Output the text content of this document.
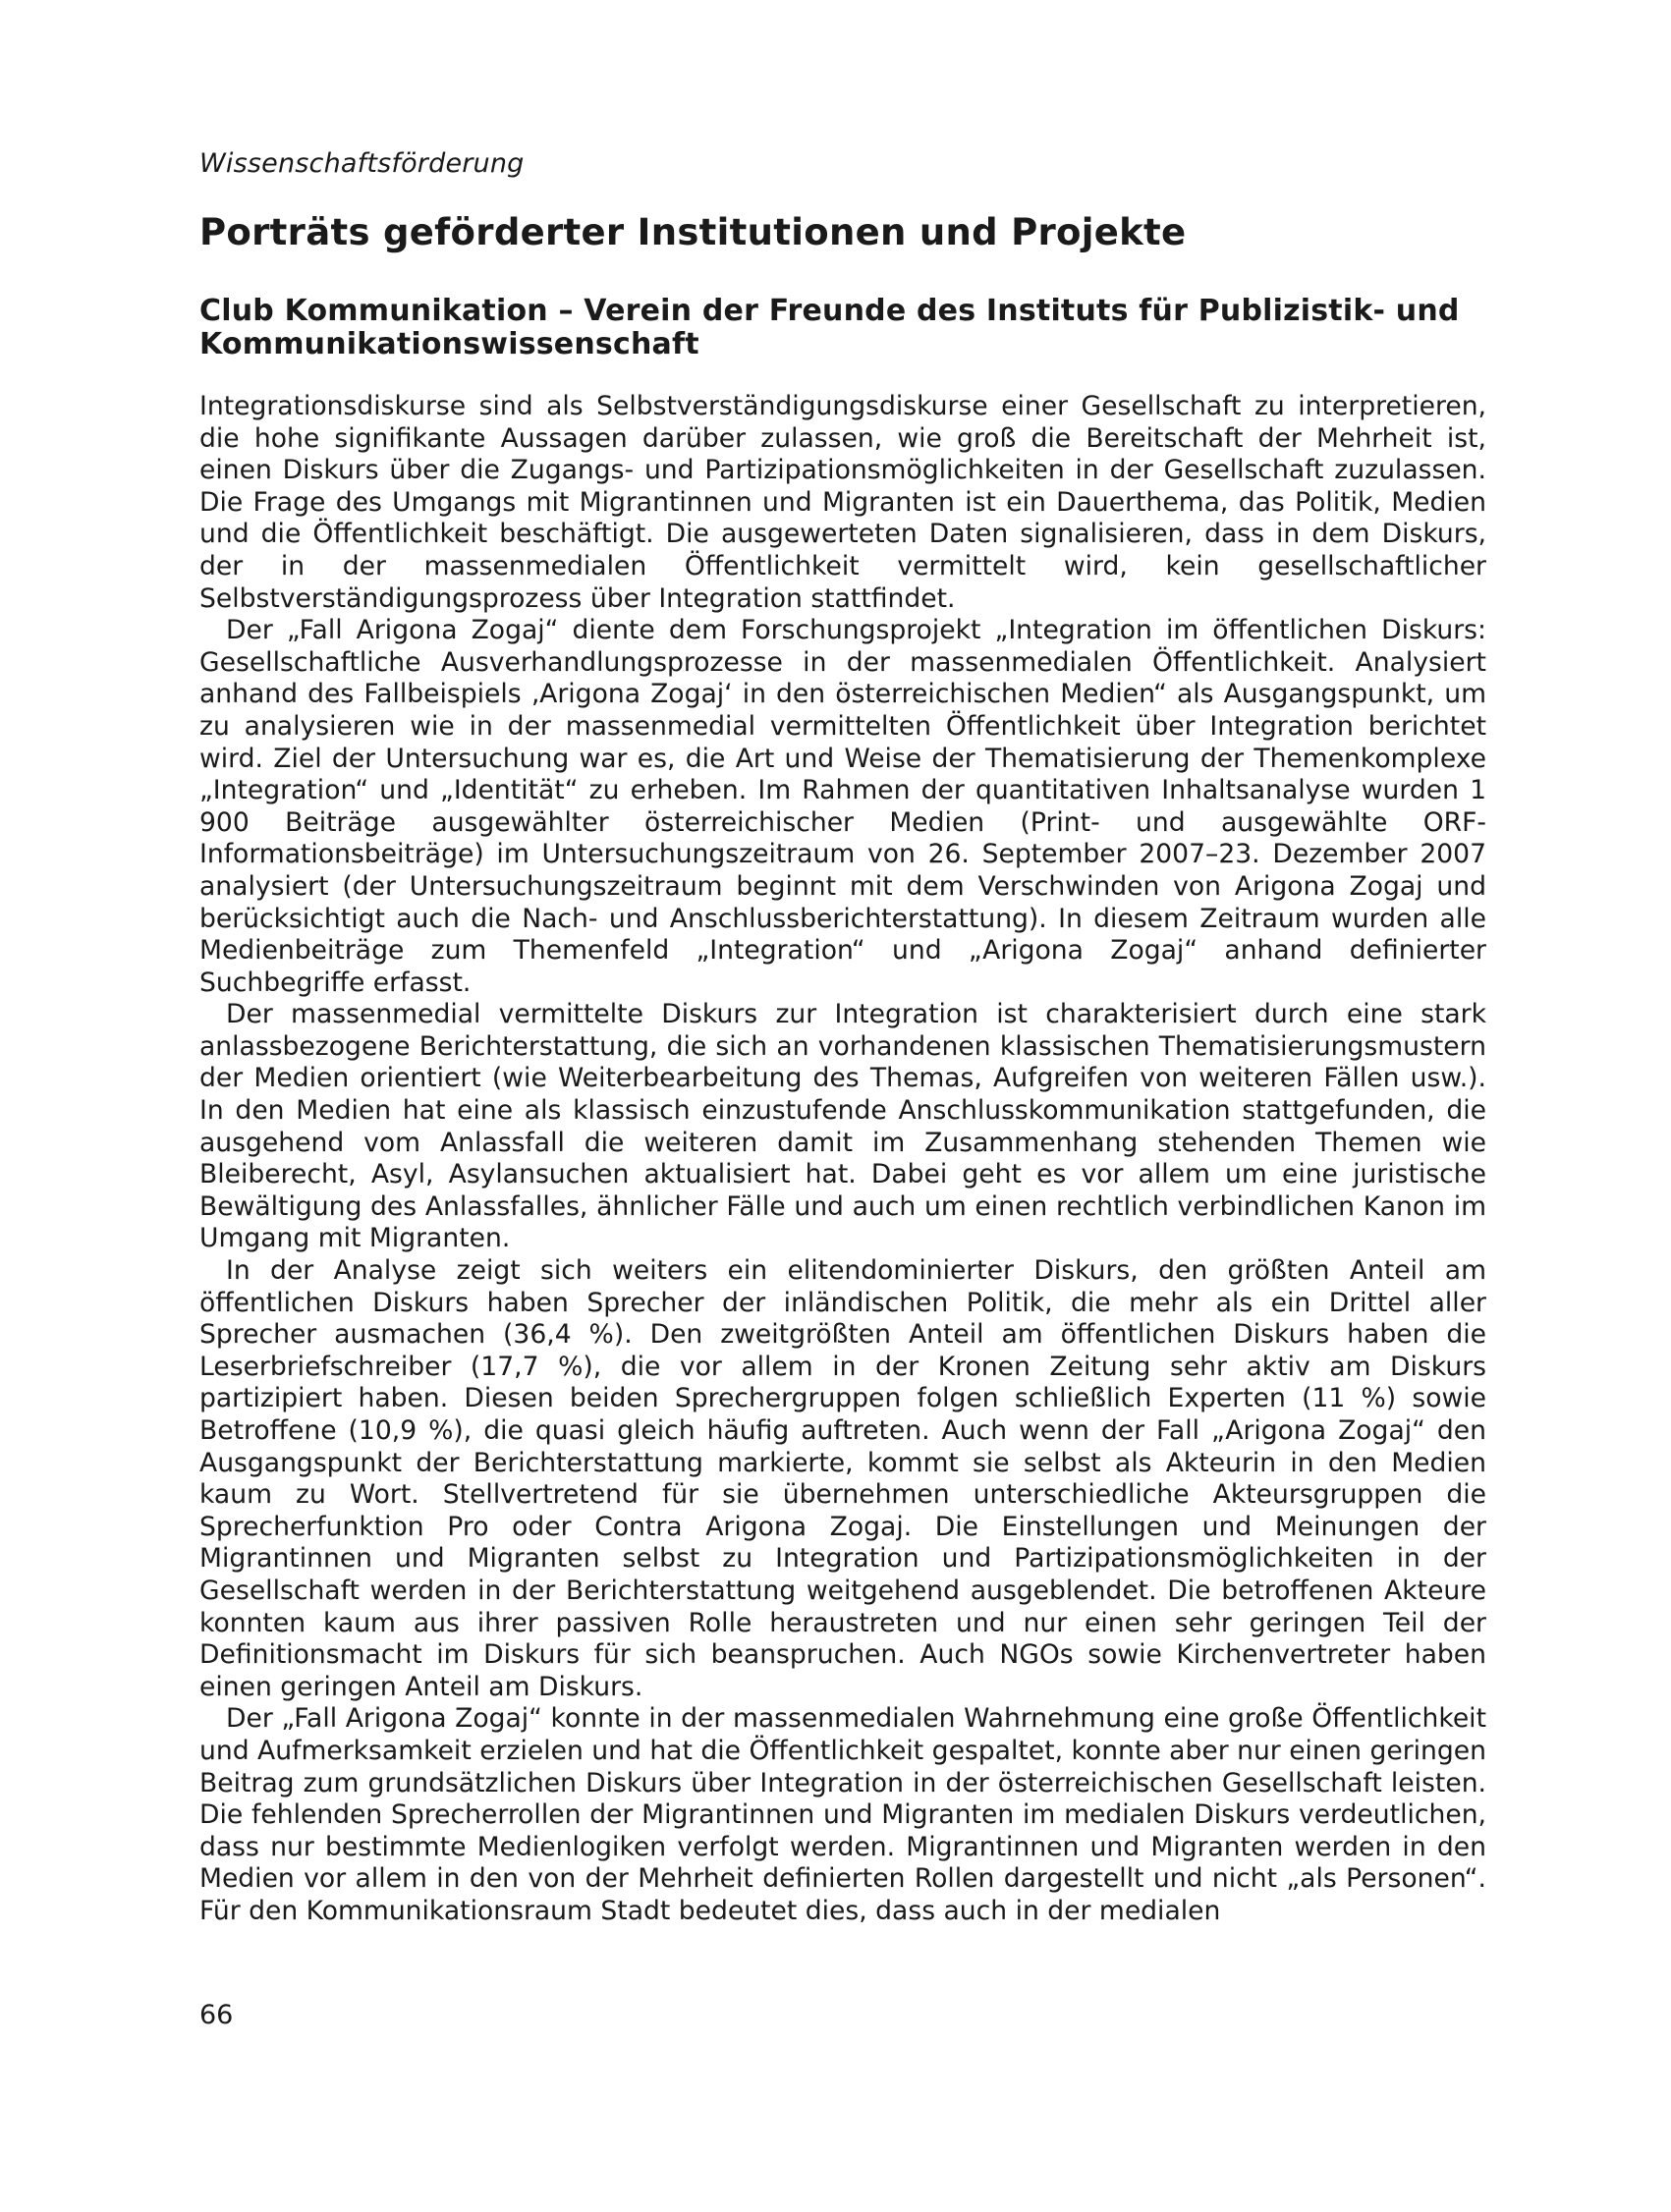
Wissenschaftsförderung
Porträts geförderter Institutionen und Projekte
Club Kommunikation – Verein der Freunde des Instituts für Publizistik- und Kommunikationswissenschaft

Integrationsdiskurse sind als Selbstverständigungsdiskurse einer Gesellschaft zu interpretieren, die hohe signifikante Aussagen darüber zulassen, wie groß die Bereitschaft der Mehrheit ist, einen Diskurs über die Zugangs- und Partizipationsmöglichkeiten in der Gesellschaft zuzulassen. Die Frage des Umgangs mit Migrantinnen und Migranten ist ein Dauerthema, das Politik, Medien und die Öffentlichkeit beschäftigt. Die ausgewerteten Daten signalisieren, dass in dem Diskurs, der in der massenmedialen Öffentlichkeit vermittelt wird, kein gesellschaftlicher Selbstverständigungsprozess über Integration stattfindet.

Der „Fall Arigona Zogaj“ diente dem Forschungsprojekt „Integration im öffentlichen Diskurs: Gesellschaftliche Ausverhandlungsprozesse in der massenmedialen Öffentlichkeit. Analysiert anhand des Fallbeispiels ‚Arigona Zogaj‘ in den österreichischen Medien“ als Ausgangspunkt, um zu analysieren wie in der massenmedial vermittelten Öffentlichkeit über Integration berichtet wird. Ziel der Untersuchung war es, die Art und Weise der Thematisierung der Themenkomplexe „Integration“ und „Identität“ zu erheben. Im Rahmen der quantitativen Inhaltsanalyse wurden 1 900 Beiträge ausgewählter österreichischer Medien (Print- und ausgewählte ORF-Informationsbeiträge) im Untersuchungszeitraum von 26. September 2007–23. Dezember 2007 analysiert (der Untersuchungszeitraum beginnt mit dem Verschwinden von Arigona Zogaj und berücksichtigt auch die Nach- und Anschlussberichterstattung). In diesem Zeitraum wurden alle Medienbeiträge zum Themenfeld „Integration“ und „Arigona Zogaj“ anhand definierter Suchbegriffe erfasst.

Der massenmedial vermittelte Diskurs zur Integration ist charakterisiert durch eine stark anlassbezogene Berichterstattung, die sich an vorhandenen klassischen Thematisierungsmustern der Medien orientiert (wie Weiterbearbeitung des Themas, Aufgreifen von weiteren Fällen usw.). In den Medien hat eine als klassisch einzustufende Anschlusskommunikation stattgefunden, die ausgehend vom Anlassfall die weiteren damit im Zusammenhang stehenden Themen wie Bleiberecht, Asyl, Asylansuchen aktualisiert hat. Dabei geht es vor allem um eine juristische Bewältigung des Anlassfalles, ähnlicher Fälle und auch um einen rechtlich verbindlichen Kanon im Umgang mit Migranten.

In der Analyse zeigt sich weiters ein elitendominierter Diskurs, den größten Anteil am öffentlichen Diskurs haben Sprecher der inländischen Politik, die mehr als ein Drittel aller Sprecher ausmachen (36,4 %). Den zweitgrößten Anteil am öffentlichen Diskurs haben die Leserbriefschreiber (17,7 %), die vor allem in der Kronen Zeitung sehr aktiv am Diskurs partizipiert haben. Diesen beiden Sprechergruppen folgen schließlich Experten (11 %) sowie Betroffene (10,9 %), die quasi gleich häufig auftreten. Auch wenn der Fall „Arigona Zogaj“ den Ausgangspunkt der Berichterstattung markierte, kommt sie selbst als Akteurin in den Medien kaum zu Wort. Stellvertretend für sie übernehmen unterschiedliche Akteursgruppen die Sprecherfunktion Pro oder Contra Arigona Zogaj. Die Einstellungen und Meinungen der Migrantinnen und Migranten selbst zu Integration und Partizipationsmöglichkeiten in der Gesellschaft werden in der Berichterstattung weitgehend ausgeblendet. Die betroffenen Akteure konnten kaum aus ihrer passiven Rolle heraustreten und nur einen sehr geringen Teil der Definitionsmacht im Diskurs für sich beanspruchen. Auch NGOs sowie Kirchenvertreter haben einen geringen Anteil am Diskurs.

Der „Fall Arigona Zogaj“ konnte in der massenmedialen Wahrnehmung eine große Öffentlichkeit und Aufmerksamkeit erzielen und hat die Öffentlichkeit gespaltet, konnte aber nur einen geringen Beitrag zum grundsätzlichen Diskurs über Integration in der österreichischen Gesellschaft leisten. Die fehlenden Sprecherrollen der Migrantinnen und Migranten im medialen Diskurs verdeutlichen, dass nur bestimmte Medienlogiken verfolgt werden. Migrantinnen und Migranten werden in den Medien vor allem in den von der Mehrheit definierten Rollen dargestellt und nicht „als Personen“. Für den Kommunikationsraum Stadt bedeutet dies, dass auch in der medialen

66
